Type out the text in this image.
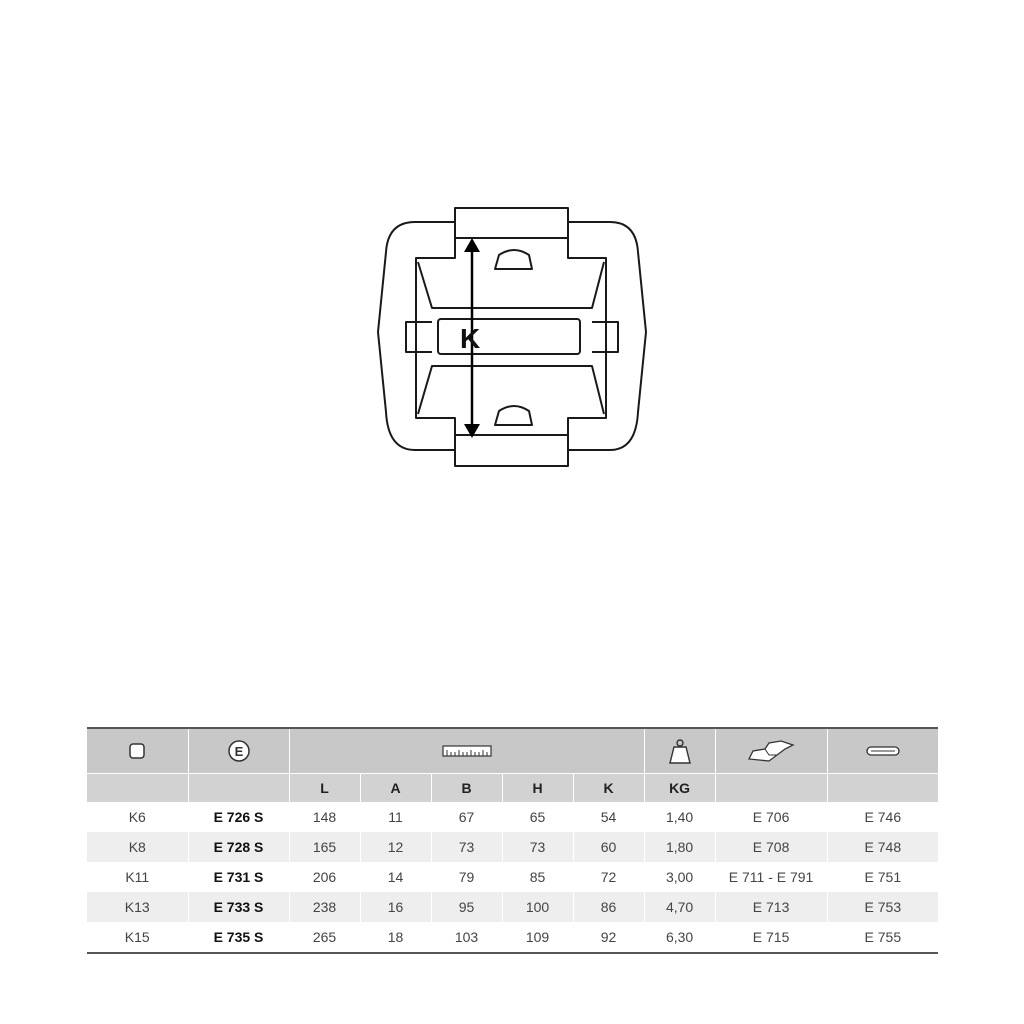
K

E

		L	A	B	H	K	KG		
K6	E 726 S	148	11	67	65	54	1,40	E 706	E 746
K8	E 728 S	165	12	73	73	60	1,80	E 708	E 748
K11	E 731 S	206	14	79	85	72	3,00	E 711 - E 791	E 751
K13	E 733 S	238	16	95	100	86	4,70	E 713	E 753
K15	E 735 S	265	18	103	109	92	6,30	E 715	E 755
